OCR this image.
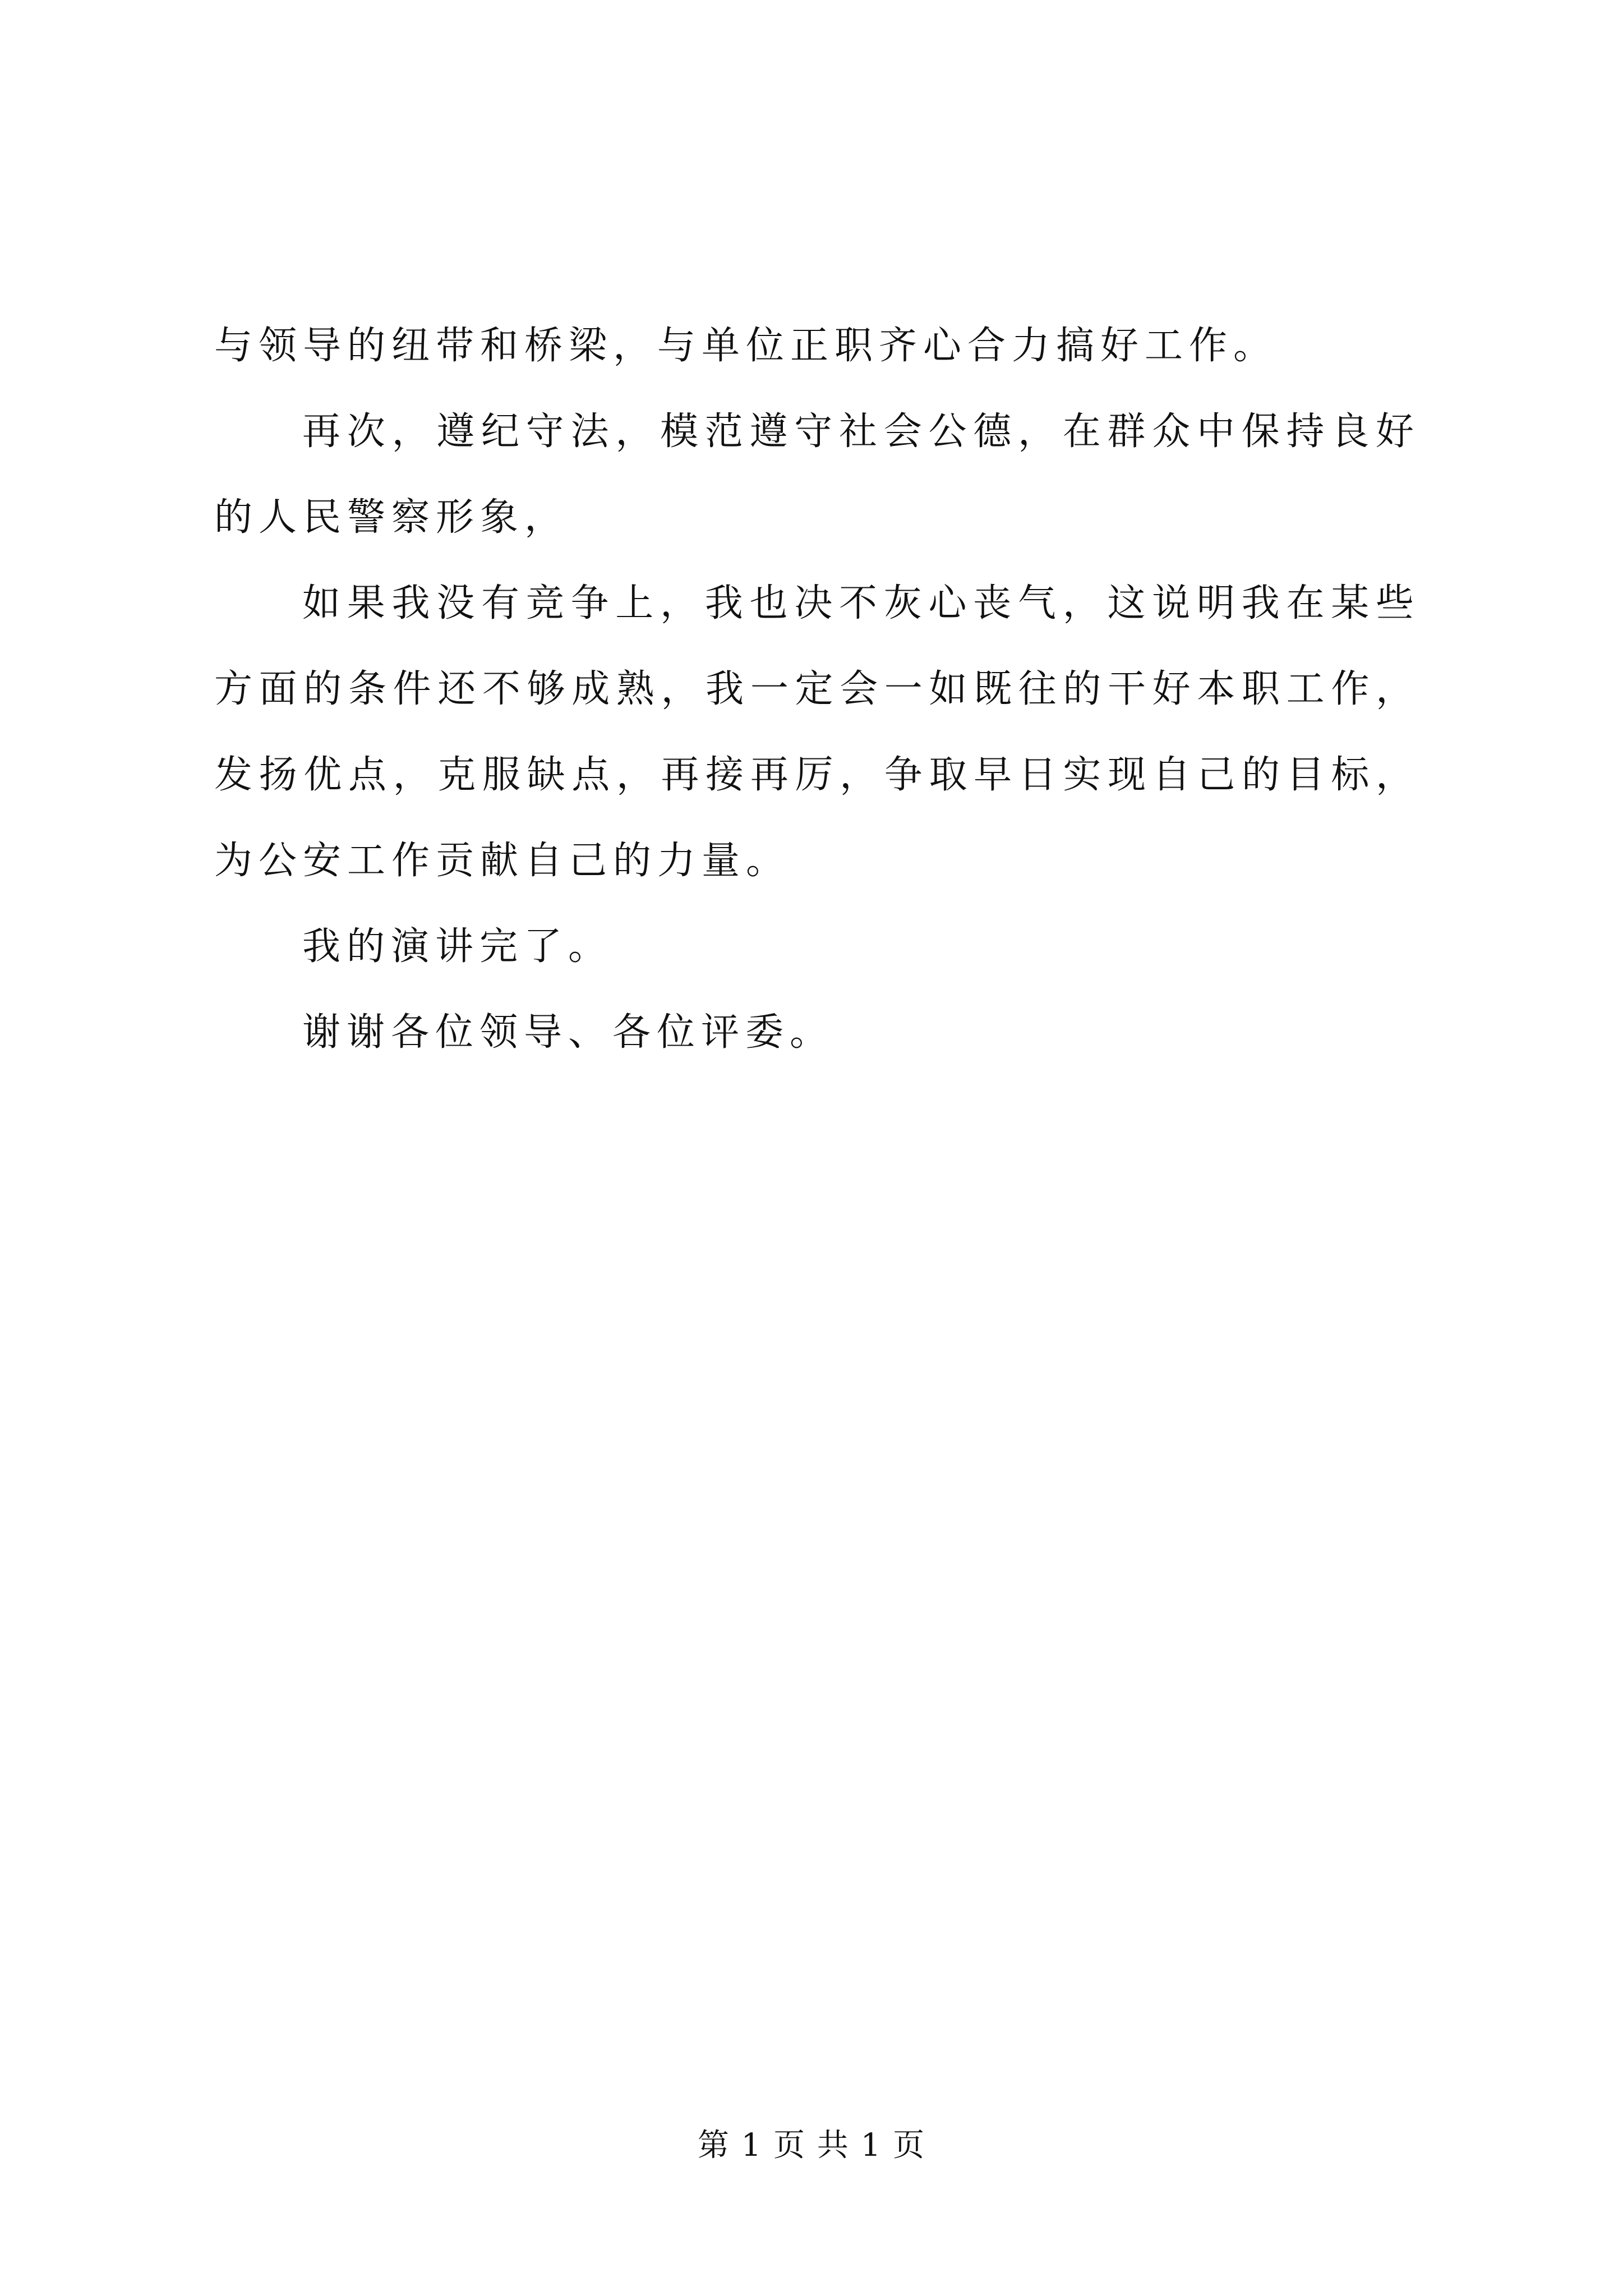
与领导的纽带和桥梁，与单位正职齐心合力搞好工作。

再次，遵纪守法，模范遵守社会公德，在群众中保持良好的人民警察形象，

如果我没有竞争上，我也决不灰心丧气，这说明我在某些方面的条件还不够成熟，我一定会一如既往的干好本职工作，发扬优点，克服缺点，再接再厉，争取早日实现自己的目标，为公安工作贡献自己的力量。

我的演讲完了。

谢谢各位领导、各位评委。

第 1 页 共 1 页
